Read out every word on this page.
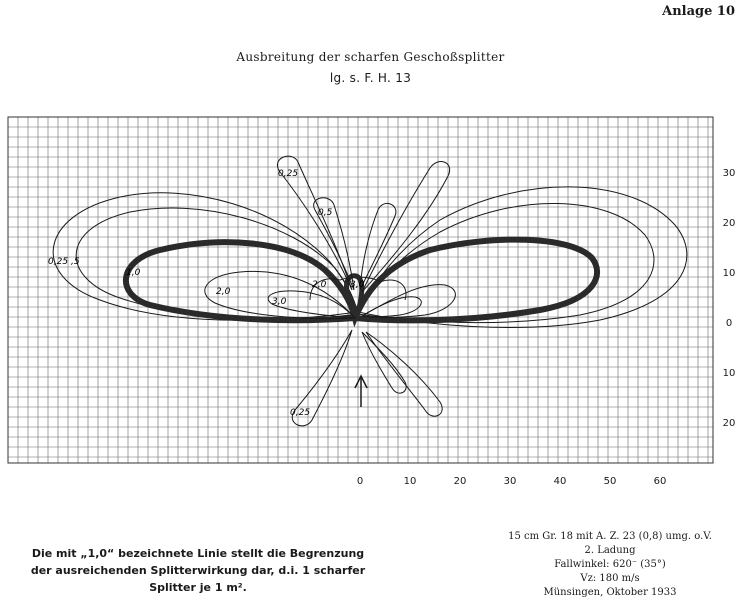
Anlage 10
Ausbreitung der scharfen Geschoßsplitter
lg. s. F. H. 13
0,25 ,5
1,0
2,0
3,0
2,0	3,0
0,25
0,5
0,25
0	10	20	30	40	50	60
30
20
10
0
10
20
Die mit „1,0“ bezeichnete Linie stellt die Begrenzung
der ausreichenden Splitterwirkung dar, d.i. 1 scharfer
Splitter je 1 m².
15 cm Gr. 18 mit A. Z. 23 (0,8) umg. o.V.
2. Ladung
Fallwinkel: 620⁻ (35°)
Vz: 180 m/s
Münsingen, Oktober 1933
